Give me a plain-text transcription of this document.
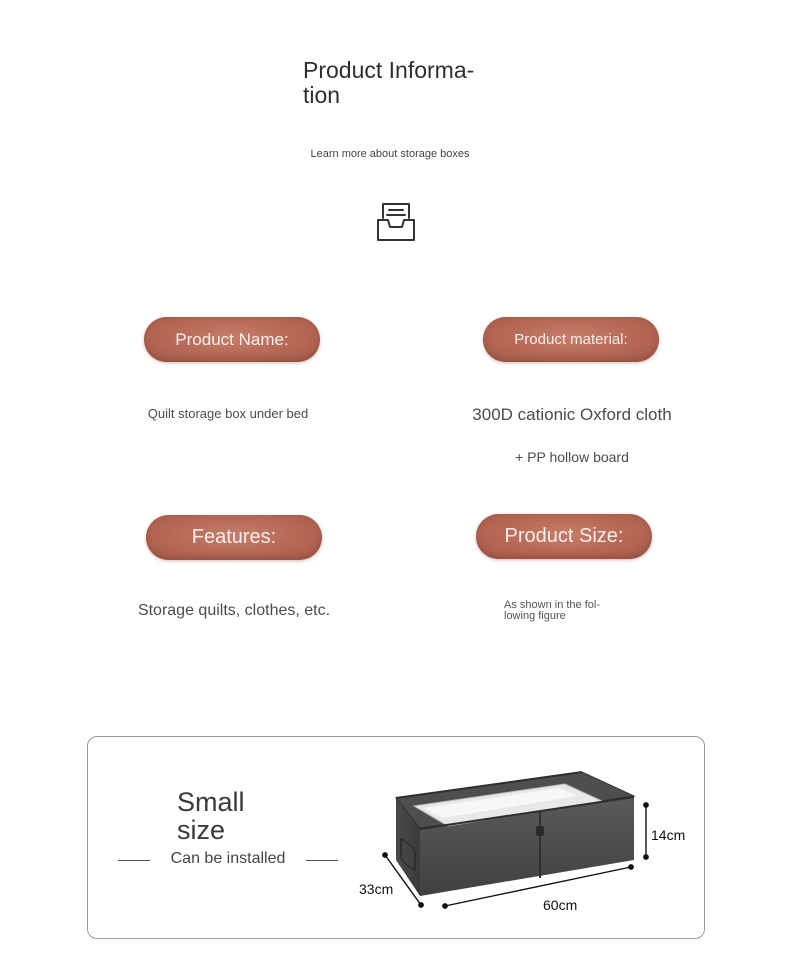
Product Informa-
tion
Learn more about storage boxes
Product Name:
Quilt storage box under bed
Product material:
300D cationic Oxford cloth
+ PP hollow board
Features:
Storage quilts, clothes, etc.
Product Size:
As shown in the fol-
lowing figure
Small
size
Can be installed
14cm
33cm
60cm
